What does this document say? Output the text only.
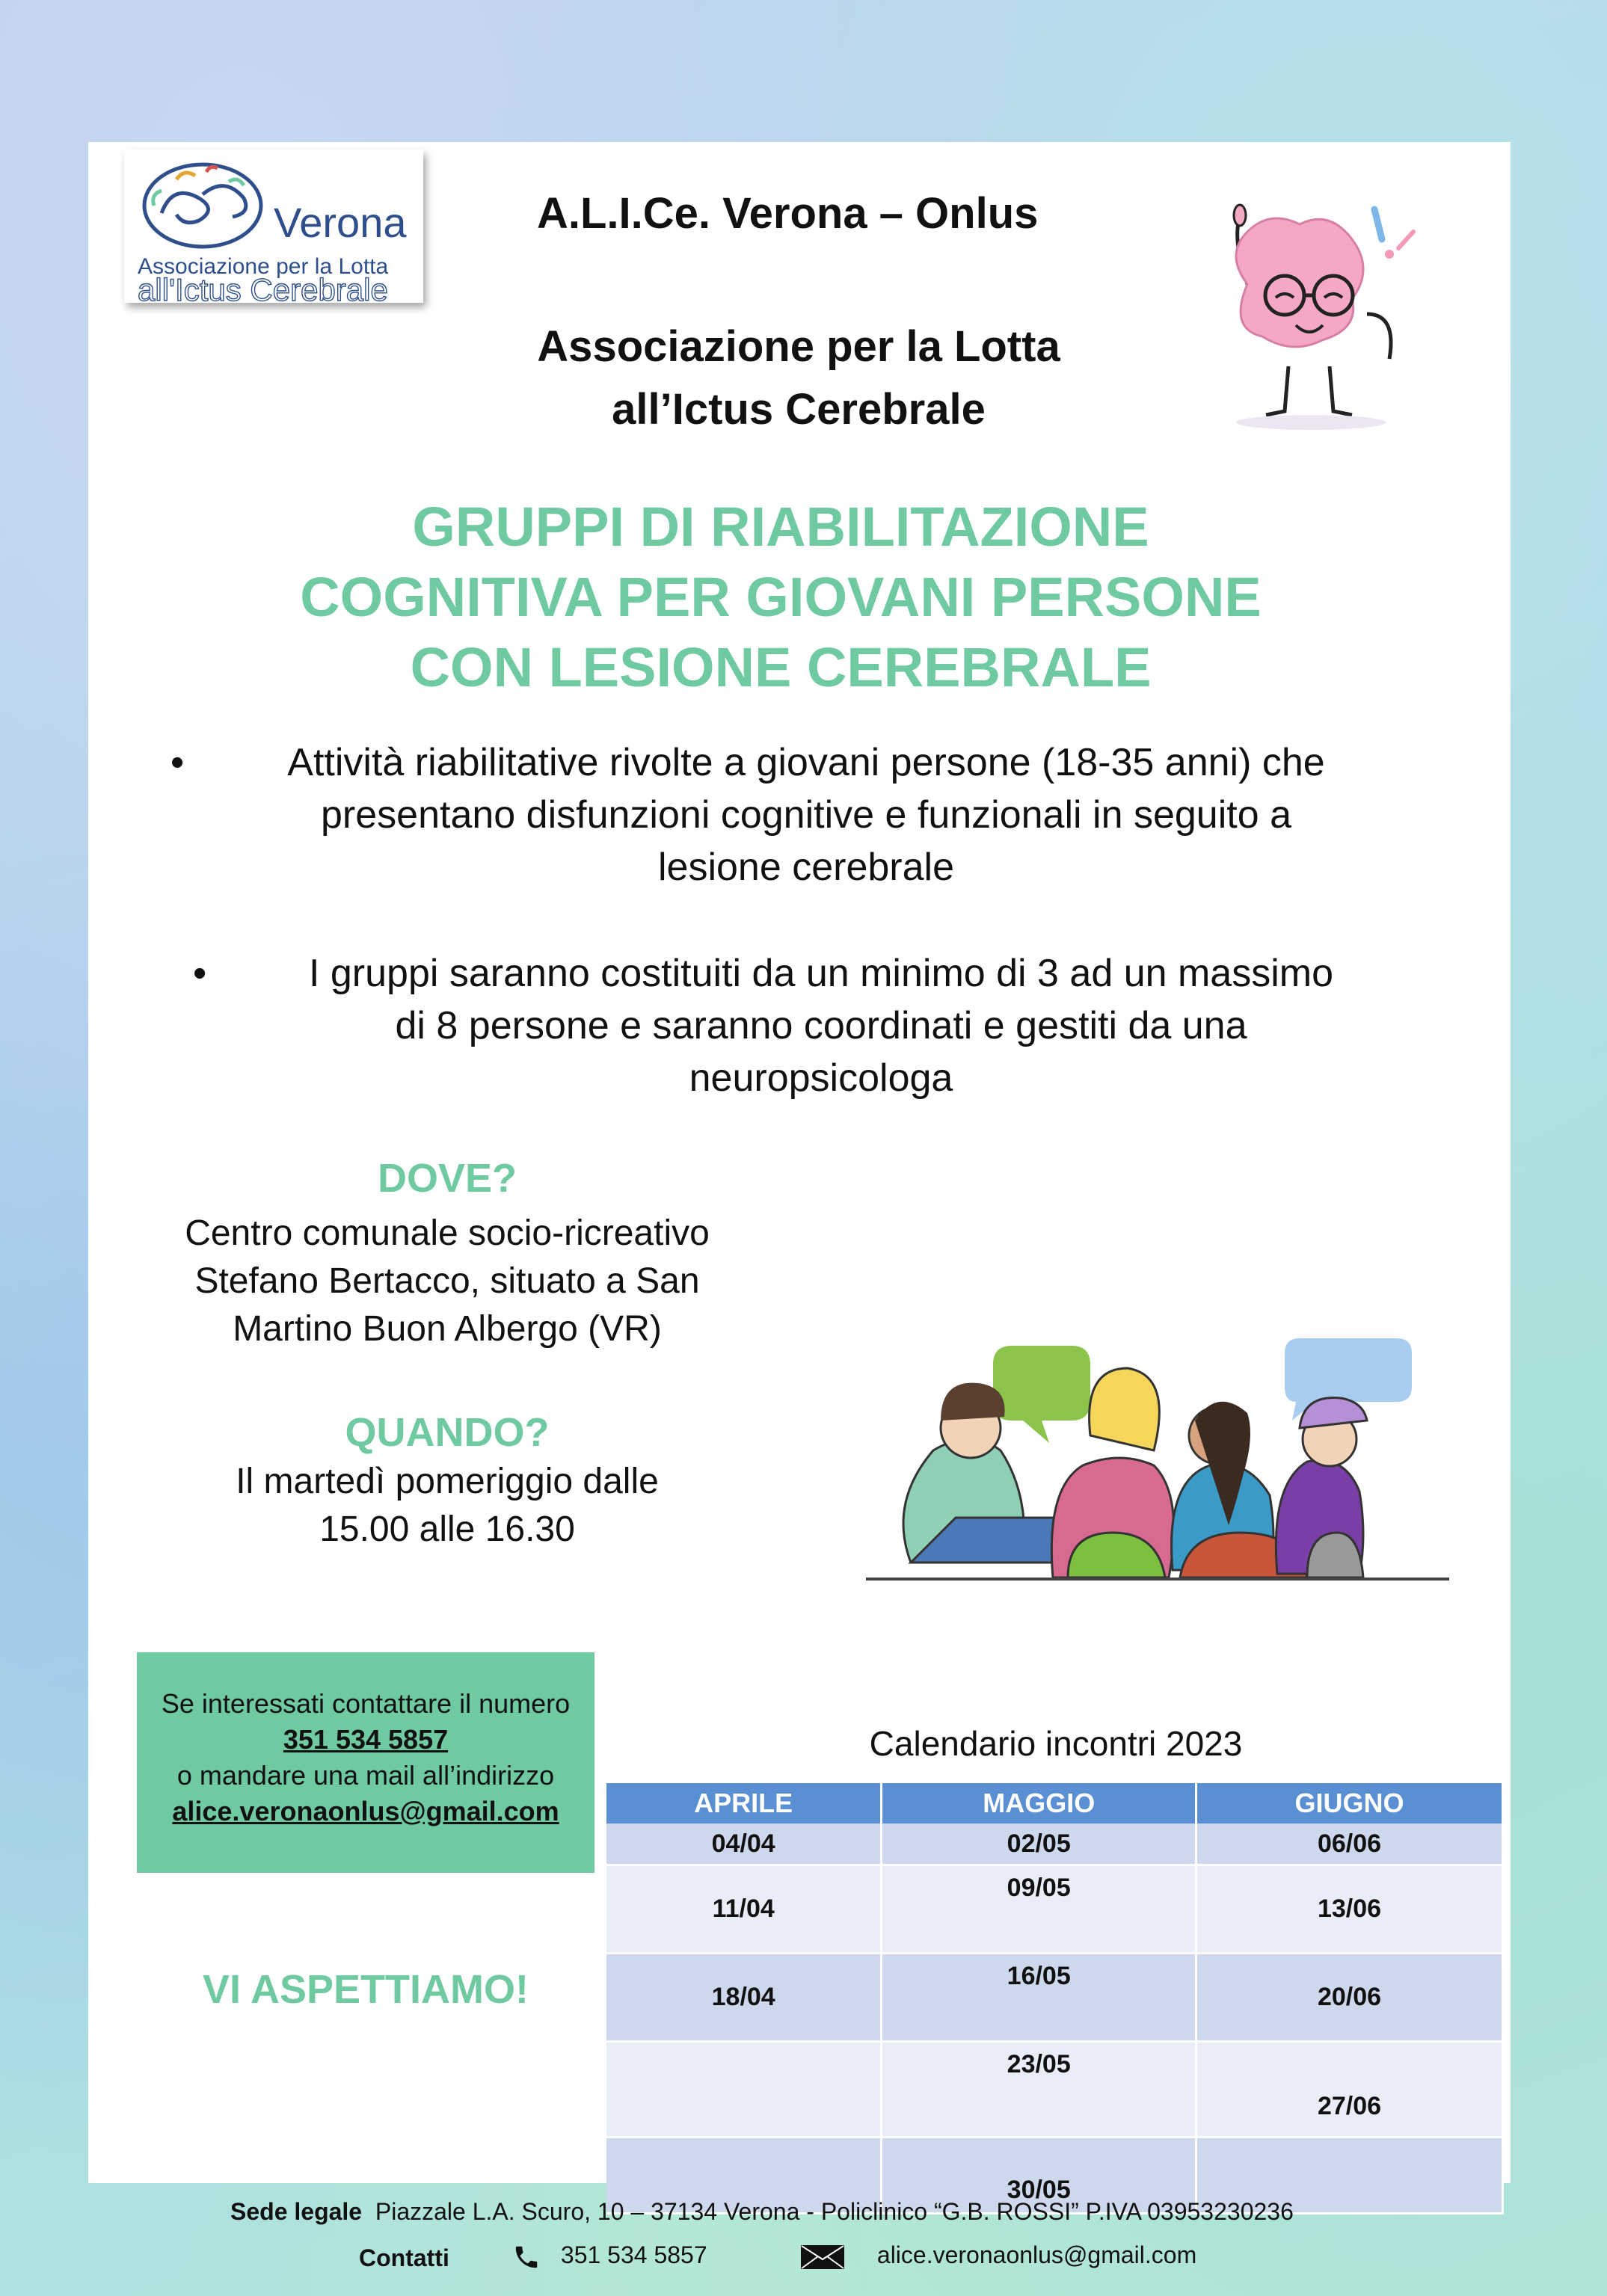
Verona
Associazione per la Lotta
all'Ictus Cerebrale
A.L.I.Ce. Verona – Onlus
Associazione per la Lotta
all’Ictus Cerebrale
GRUPPI DI RIABILITAZIONE
COGNITIVA PER GIOVANI PERSONE
CON LESIONE CEREBRALE
•	Attività riabilitative rivolte a giovani persone (18-35 anni) che
presentano disfunzioni cognitive e funzionali in seguito a
lesione cerebrale
•	I gruppi saranno costituiti da un minimo di 3 ad un massimo
di 8 persone e saranno coordinati e gestiti da una
neuropsicologa
DOVE?
Centro comunale socio-ricreativo
Stefano Bertacco, situato a San
Martino Buon Albergo (VR)
QUANDO?
Il martedì pomeriggio dalle
15.00 alle 16.30
Se interessati contattare il numero
351 534 5857
o mandare una mail all’indirizzo
alice.veronaonlus@gmail.com
VI ASPETTIAMO!
Calendario incontri 2023
APRILE	MAGGIO	GIUGNO
04/04	02/05	06/06
11/04	09/05	13/06
18/04	16/05	20/06
	23/05	27/06
	30/05	
Sede legale Piazzale L.A. Scuro, 10 – 37134 Verona - Policlinico “G.B. ROSSI” P.IVA 03953230236
Contatti	351 534 5857	alice.veronaonlus@gmail.com
